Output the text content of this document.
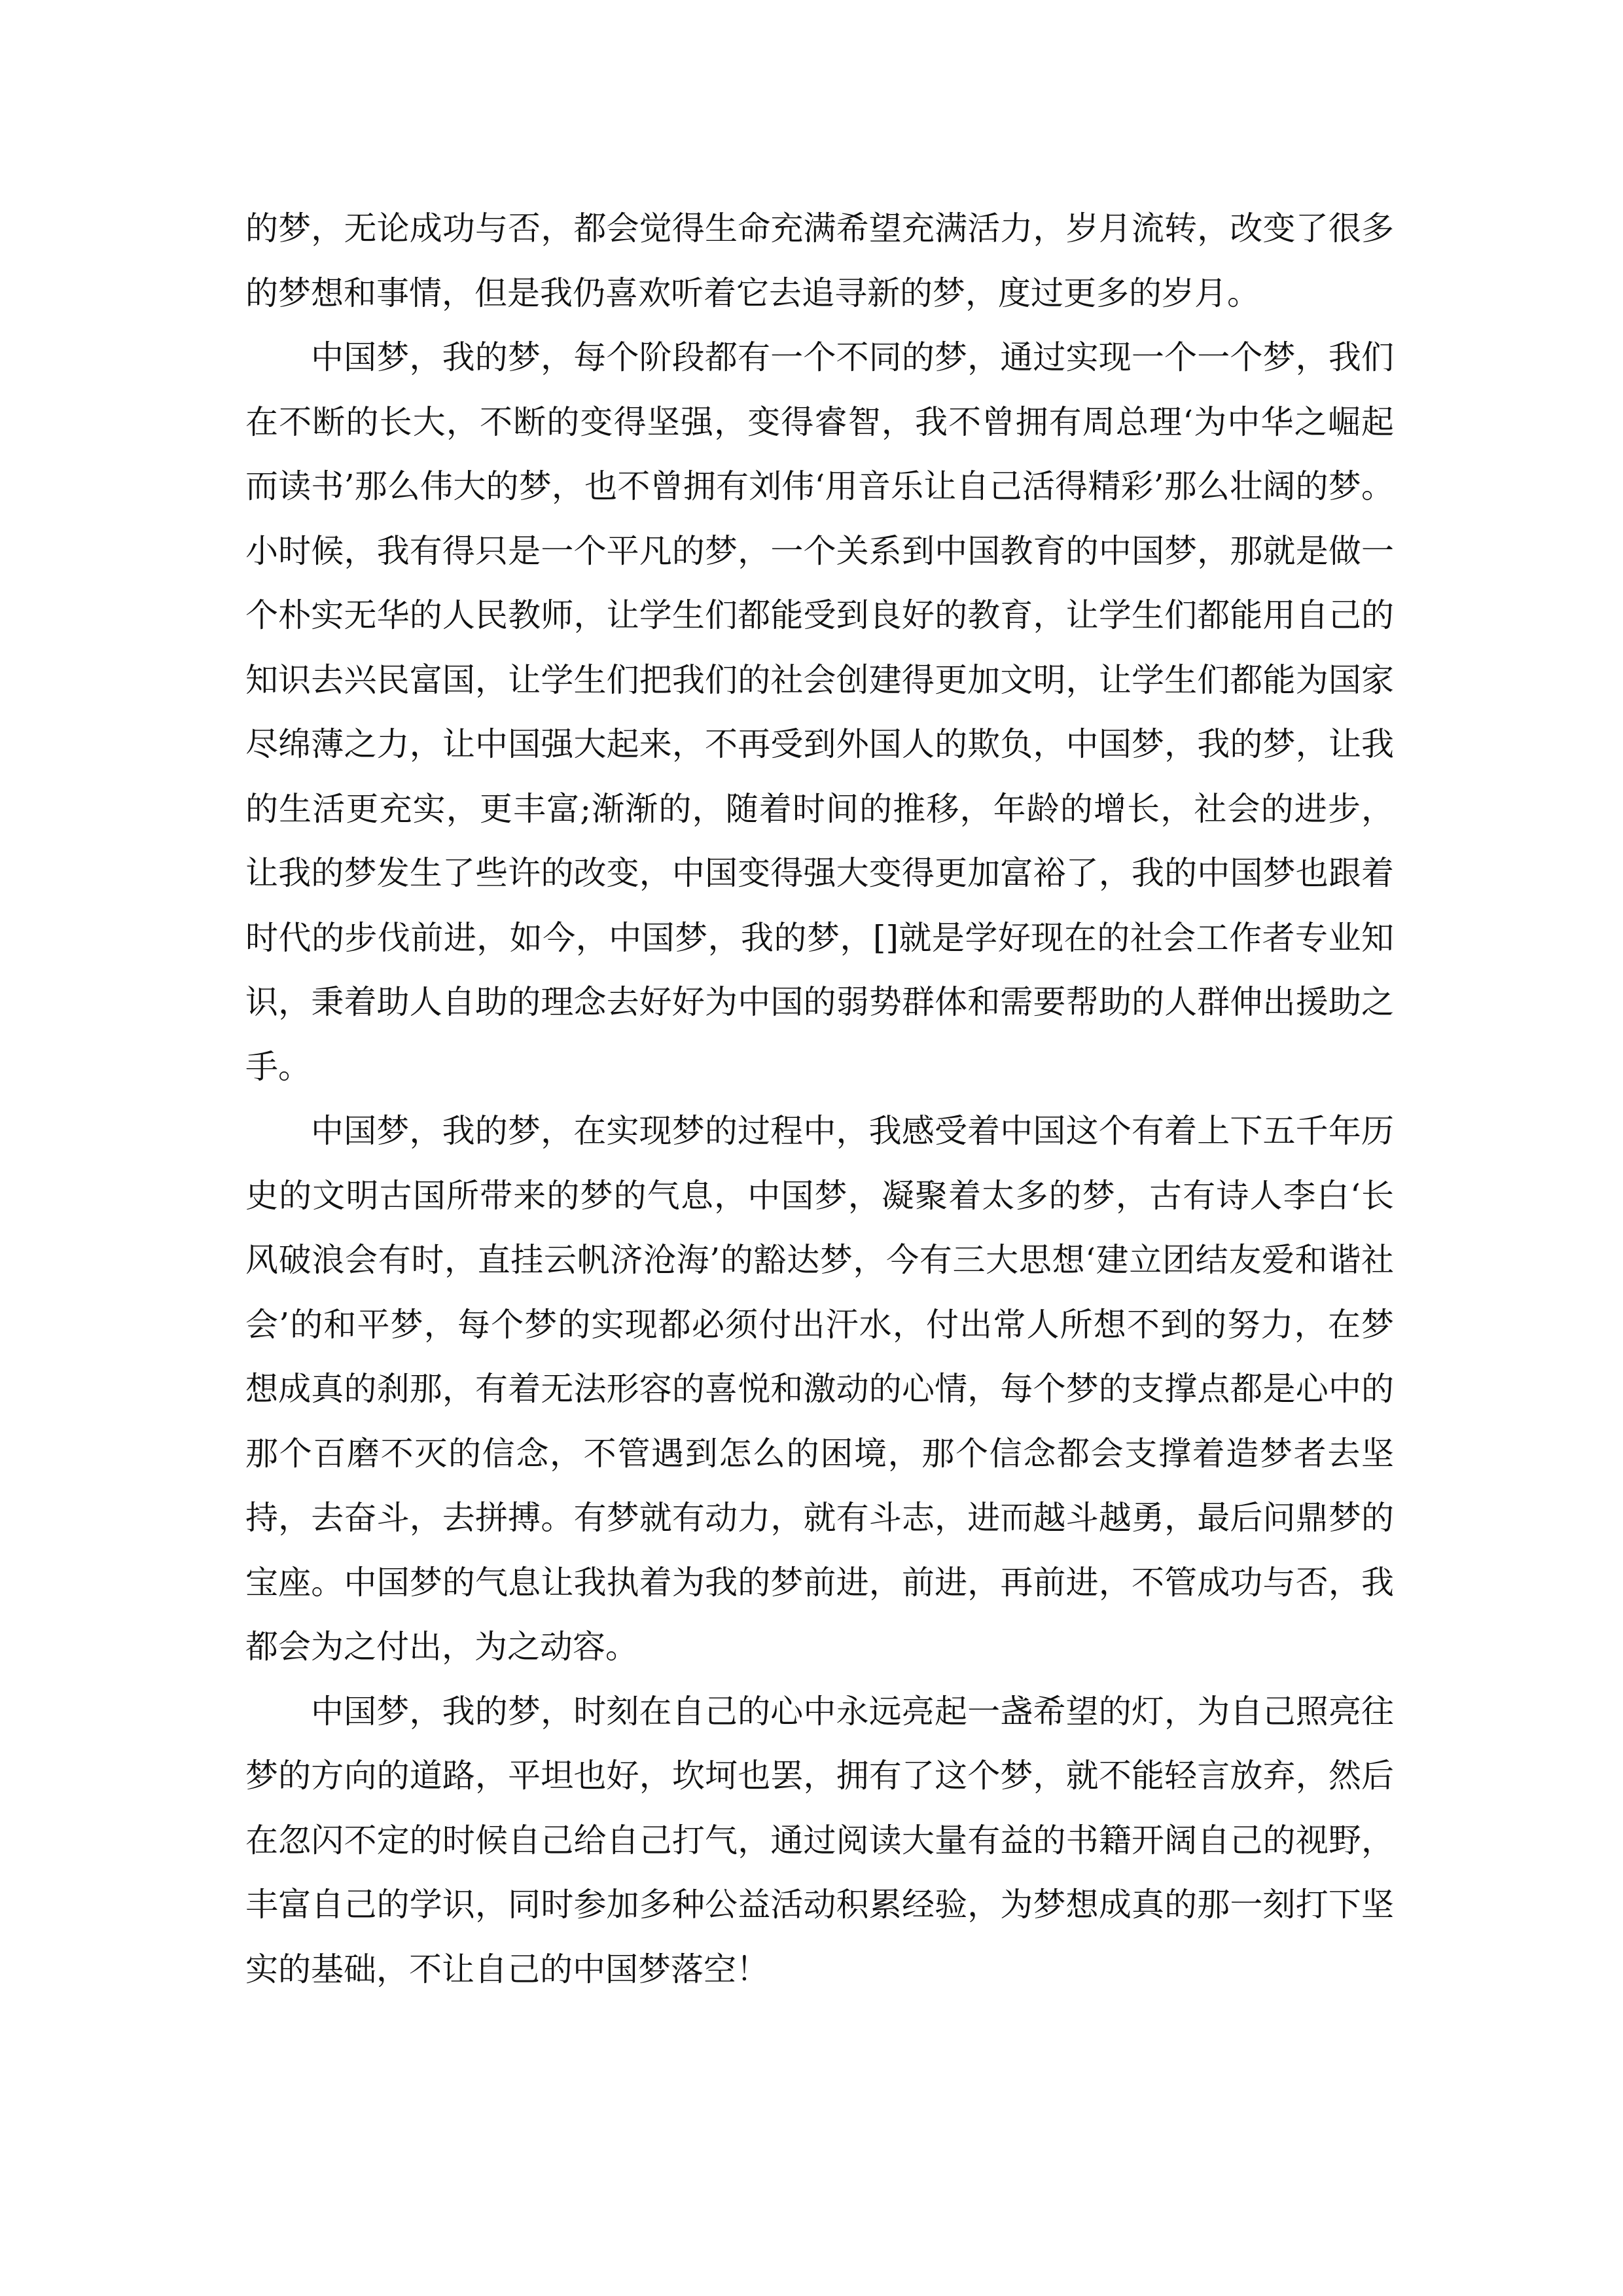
的梦，无论成功与否，都会觉得生命充满希望充满活力，岁月流转，改变了很多的梦想和事情，但是我仍喜欢听着它去追寻新的梦，度过更多的岁月。

中国梦，我的梦，每个阶段都有一个不同的梦，通过实现一个一个梦，我们在不断的长大，不断的变得坚强，变得睿智，我不曾拥有周总理‘为中华之崛起而读书’那么伟大的梦，也不曾拥有刘伟‘用音乐让自己活得精彩’那么壮阔的梦。小时候，我有得只是一个平凡的梦，一个关系到中国教育的中国梦，那就是做一个朴实无华的人民教师，让学生们都能受到良好的教育，让学生们都能用自己的知识去兴民富国，让学生们把我们的社会创建得更加文明，让学生们都能为国家尽绵薄之力，让中国强大起来，不再受到外国人的欺负，中国梦，我的梦，让我的生活更充实，更丰富;渐渐的，随着时间的推移，年龄的增长，社会的进步，让我的梦发生了些许的改变，中国变得强大变得更加富裕了，我的中国梦也跟着时代的步伐前进，如今，中国梦，我的梦，[]就是学好现在的社会工作者专业知识，秉着助人自助的理念去好好为中国的弱势群体和需要帮助的人群伸出援助之手。

中国梦，我的梦，在实现梦的过程中，我感受着中国这个有着上下五千年历史的文明古国所带来的梦的气息，中国梦，凝聚着太多的梦，古有诗人李白‘长风破浪会有时，直挂云帆济沧海’的豁达梦，今有三大思想‘建立团结友爱和谐社会’的和平梦，每个梦的实现都必须付出汗水，付出常人所想不到的努力，在梦想成真的刹那，有着无法形容的喜悦和激动的心情，每个梦的支撑点都是心中的那个百磨不灭的信念，不管遇到怎么的困境，那个信念都会支撑着造梦者去坚持，去奋斗，去拼搏。有梦就有动力，就有斗志，进而越斗越勇，最后问鼎梦的宝座。中国梦的气息让我执着为我的梦前进，前进，再前进，不管成功与否，我都会为之付出，为之动容。

中国梦，我的梦，时刻在自己的心中永远亮起一盏希望的灯，为自己照亮往梦的方向的道路，平坦也好，坎坷也罢，拥有了这个梦，就不能轻言放弃，然后在忽闪不定的时候自己给自己打气，通过阅读大量有益的书籍开阔自己的视野，丰富自己的学识，同时参加多种公益活动积累经验，为梦想成真的那一刻打下坚实的基础，不让自己的中国梦落空！
